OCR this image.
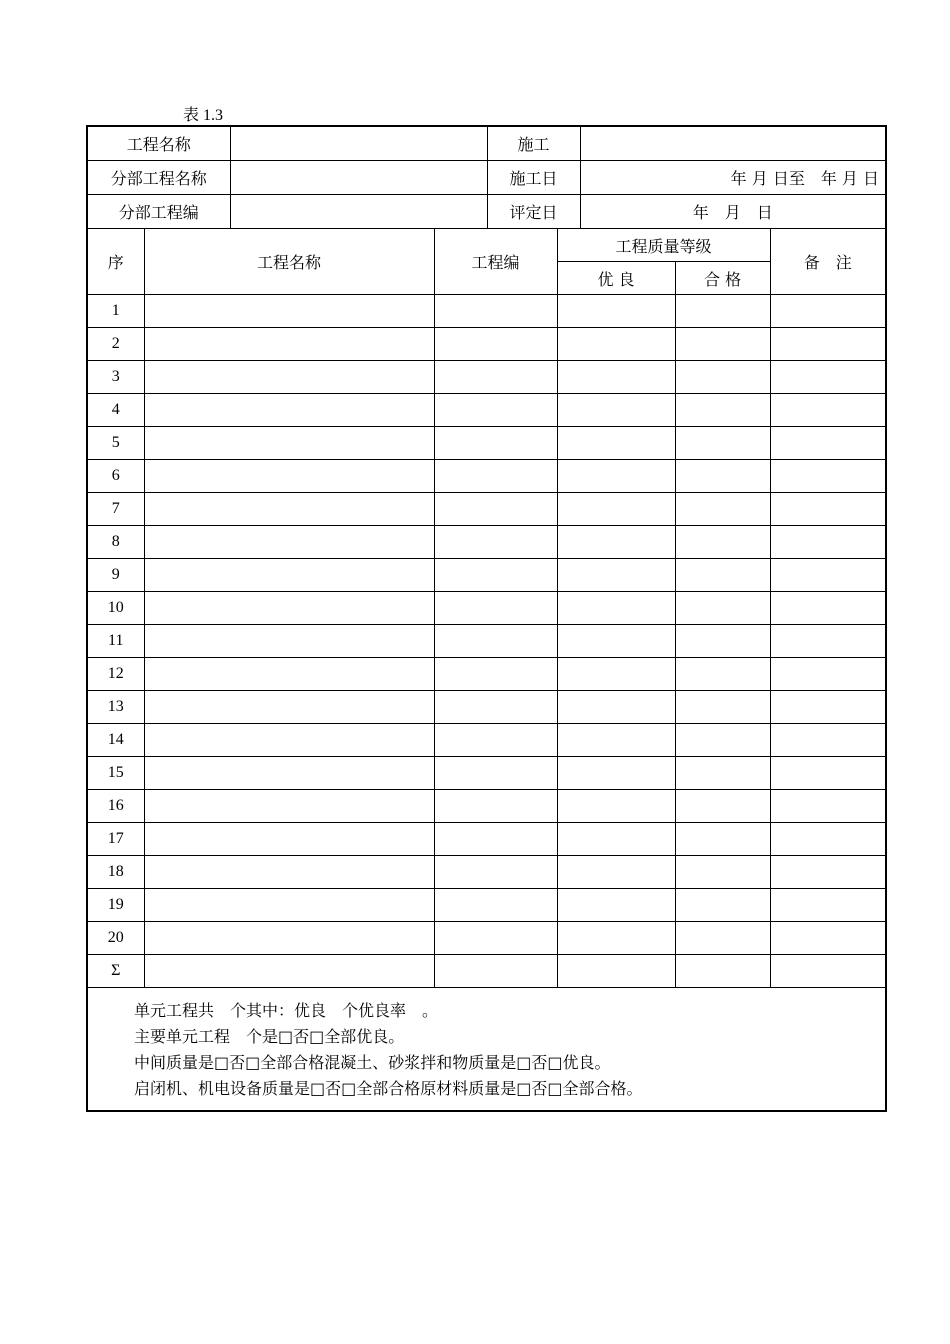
表 1.3
工程名称				施工				
分部工程名称				施工日		年 月 日至　年 月 日		
分部工程编				评定日		年　月　日		
序	工程名称		工程编		工程质量等级			备　注
					优 良		合 格	
1								
2								
3								
4								
5								
6								
7								
8								
9								
10								
11								
12								
13								
14								
15								
16								
17								
18								
19								
20								
Σ								

单元工程共　个其中：优良　个优良率　。
主要单元工程　个是□否□全部优良。
中间质量是□否□全部合格混凝土、砂浆拌和物质量是□否□优良。
启闭机、机电设备质量是□否□全部合格原材料质量是□否□全部合格。								
